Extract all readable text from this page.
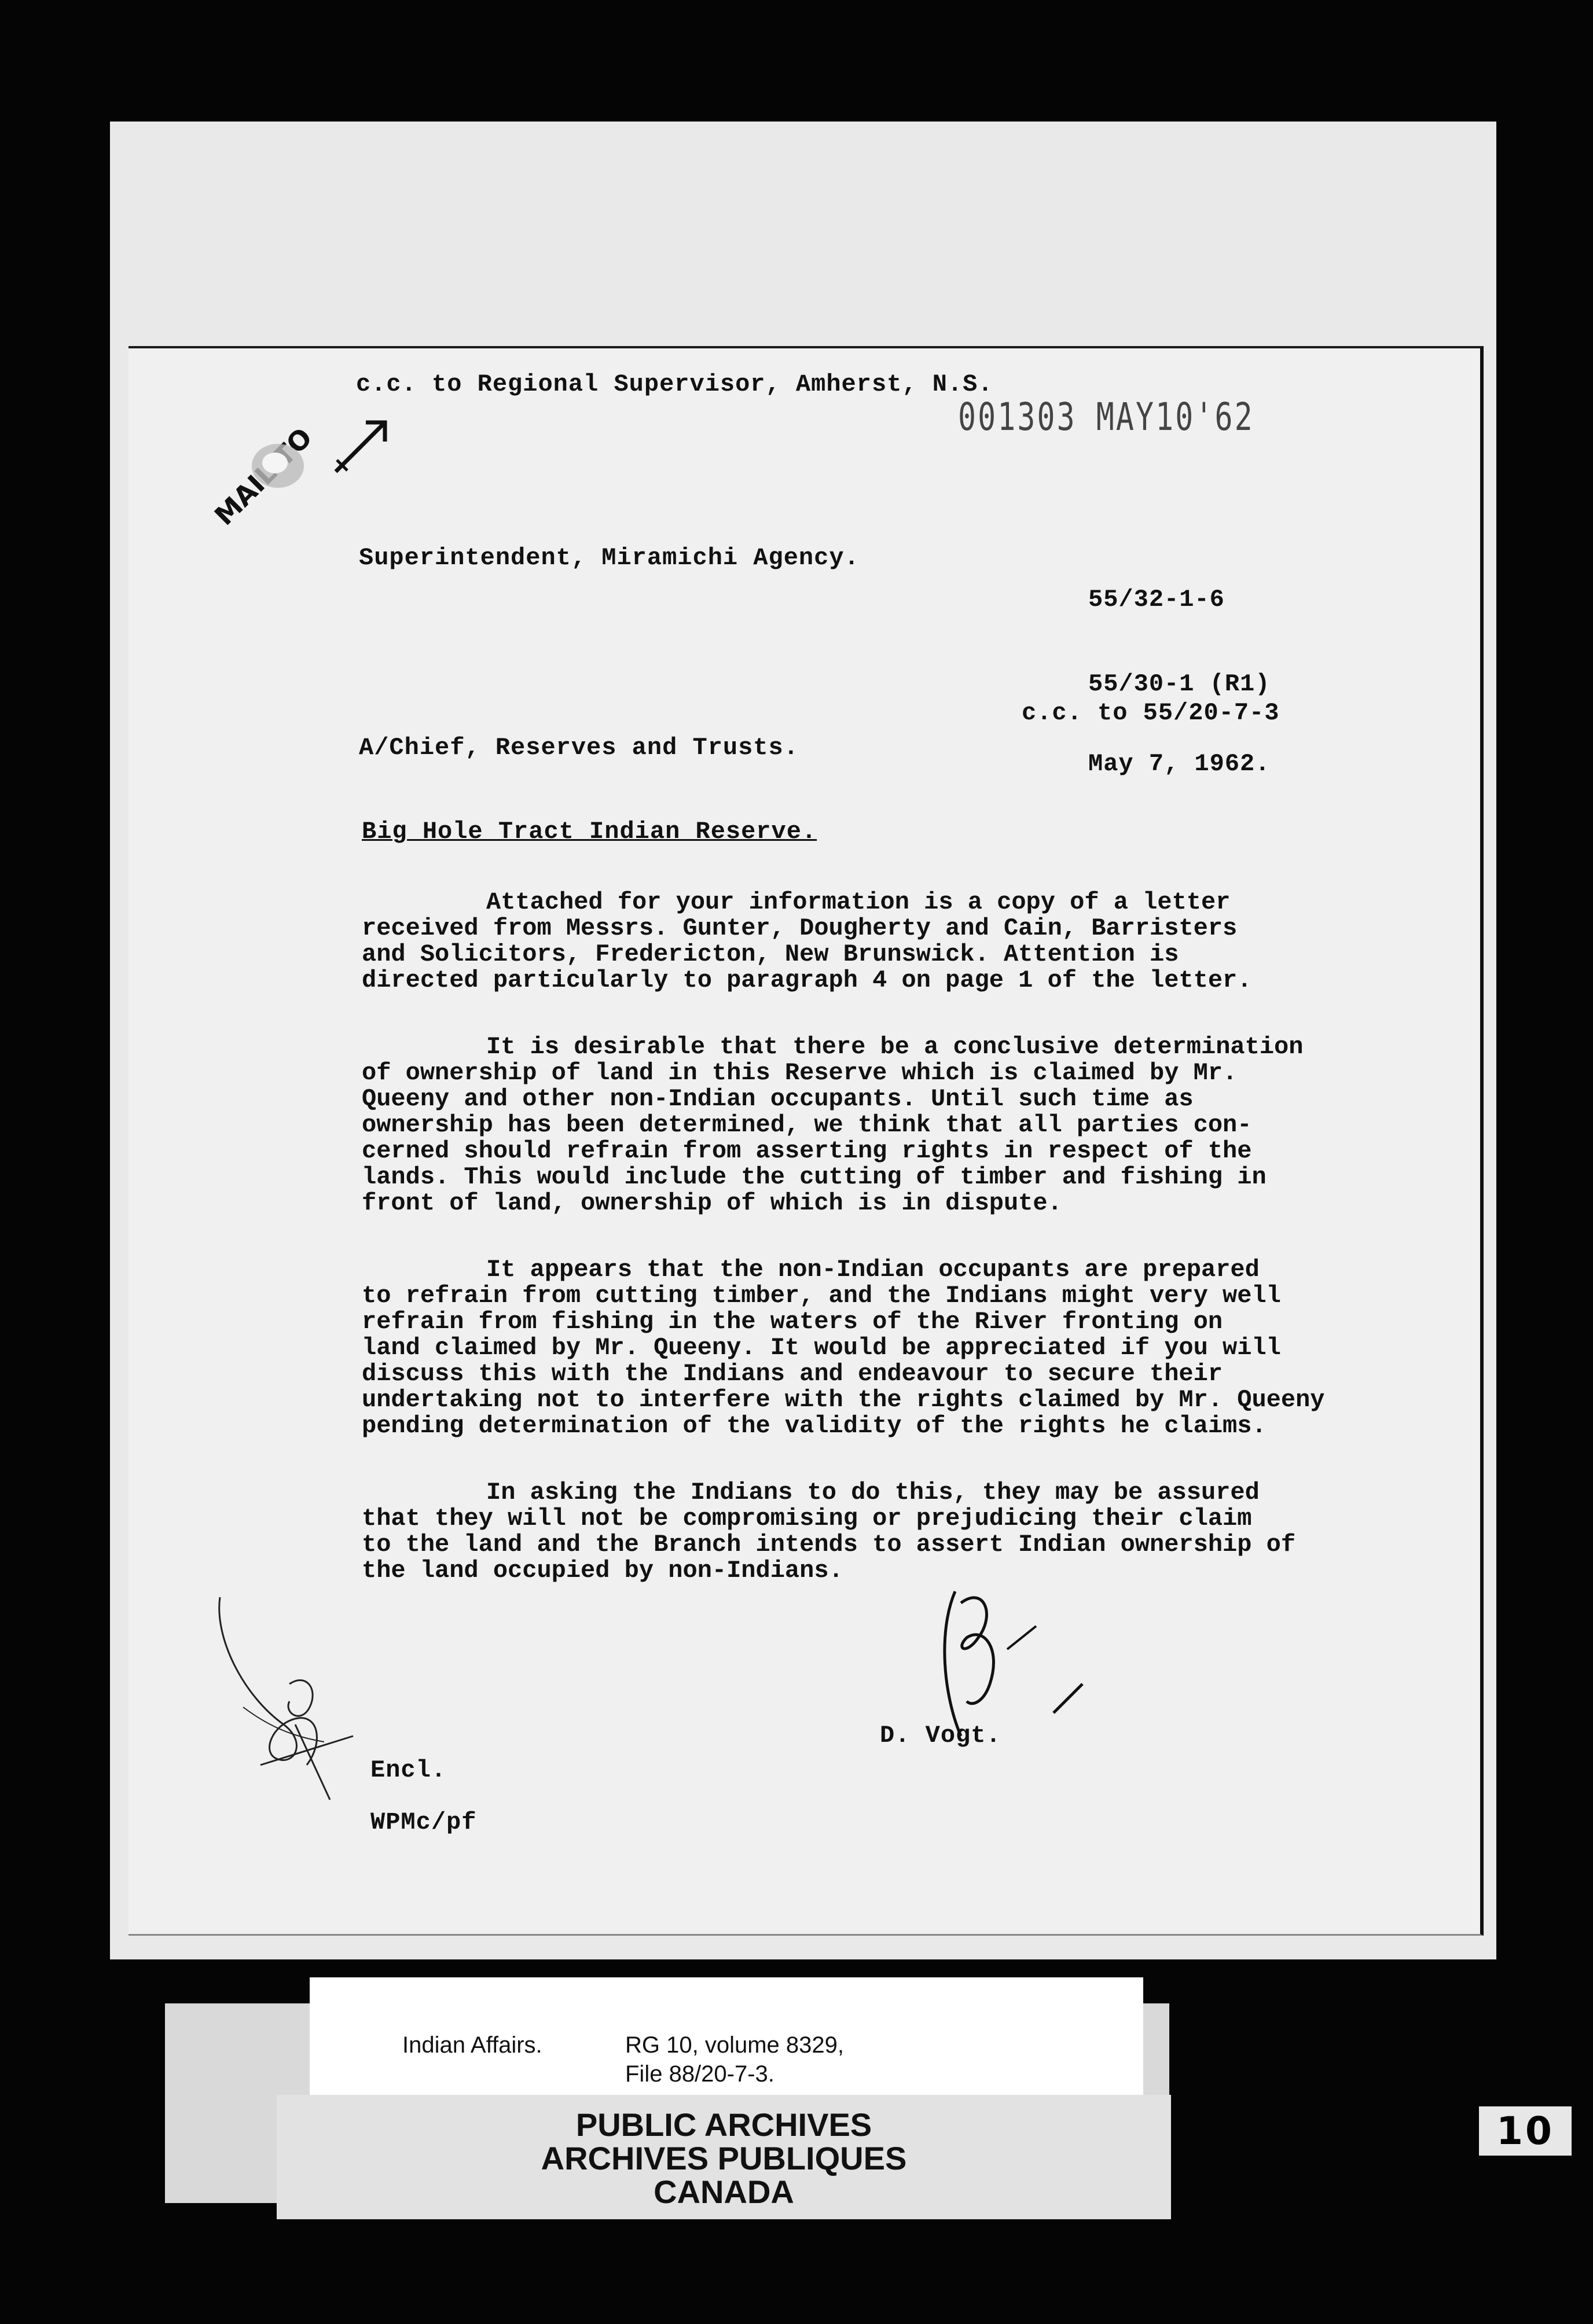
c.c. to Regional Supervisor, Amherst, N.S.
001303 MAY10'62
MAIL TO
Superintendent, Miramichi Agency.
55/32-1-6
55/30-1 (R1)
c.c. to 55/20-7-3
A/Chief, Reserves and Trusts.
May 7, 1962.
Big Hole Tract Indian Reserve.
Attached for your information is a copy of a letter
received from Messrs. Gunter, Dougherty and Cain, Barristers
and Solicitors, Fredericton, New Brunswick. Attention is
directed particularly to paragraph 4 on page 1 of the letter.
It is desirable that there be a conclusive determination
of ownership of land in this Reserve which is claimed by Mr.
Queeny and other non-Indian occupants. Until such time as
ownership has been determined, we think that all parties con-
cerned should refrain from asserting rights in respect of the
lands. This would include the cutting of timber and fishing in
front of land, ownership of which is in dispute.
It appears that the non-Indian occupants are prepared
to refrain from cutting timber, and the Indians might very well
refrain from fishing in the waters of the River fronting on
land claimed by Mr. Queeny. It would be appreciated if you will
discuss this with the Indians and endeavour to secure their
undertaking not to interfere with the rights claimed by Mr. Queeny
pending determination of the validity of the rights he claims.
In asking the Indians to do this, they may be assured
that they will not be compromising or prejudicing their claim
to the land and the Branch intends to assert Indian ownership of
the land occupied by non-Indians.
D. Vogt.
Encl.
WPMc/pf
Indian Affairs.	RG 10, volume 8329,
File 88/20-7-3.
PUBLIC ARCHIVES
ARCHIVES PUBLIQUES
CANADA
10
